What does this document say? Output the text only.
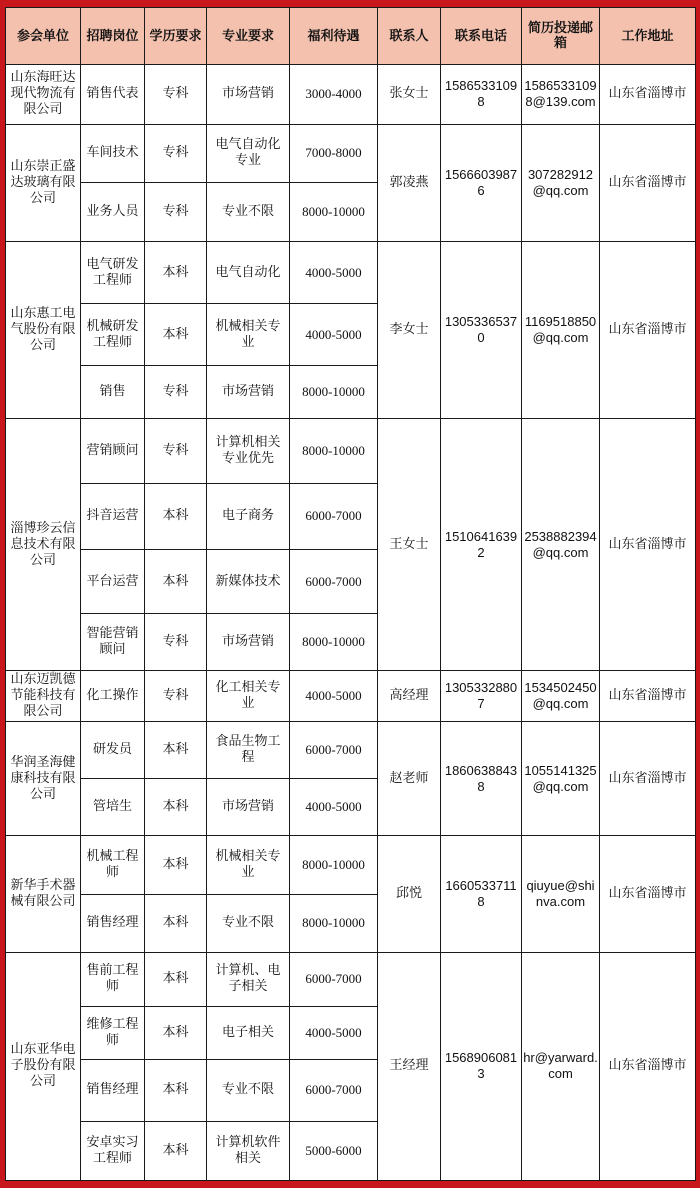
参会单位	招聘岗位	学历要求	专业要求	福利待遇	联系人	联系电话	简历投递邮箱	工作地址
山东海旺达现代物流有限公司	销售代表	专科	市场营销	3000-4000	张女士	15865331098	15865331098@139.com	山东省淄博市
山东崇正盛达玻璃有限公司	车间技术	专科	电气自动化专业	7000-8000	郭凌燕	15666039876	307282912@qq.com	山东省淄博市
	业务人员	专科	专业不限	8000-10000				
山东惠工电气股份有限公司	电气研发工程师	本科	电气自动化	4000-5000	李女士	13053365370	1169518850@qq.com	山东省淄博市
	机械研发工程师	本科	机械相关专业	4000-5000				
	销售	专科	市场营销	8000-10000				
淄博珍云信息技术有限公司	营销顾问	专科	计算机相关专业优先	8000-10000	王女士	15106416392	2538882394@qq.com	山东省淄博市
	抖音运营	本科	电子商务	6000-7000				
	平台运营	本科	新媒体技术	6000-7000				
	智能营销顾问	专科	市场营销	8000-10000				
山东迈凯德节能科技有限公司	化工操作	专科	化工相关专业	4000-5000	高经理	13053328807	1534502450@qq.com	山东省淄博市
华润圣海健康科技有限公司	研发员	本科	食品生物工程	6000-7000	赵老师	18606388438	1055141325@qq.com	山东省淄博市
	管培生	本科	市场营销	4000-5000				
新华手术器械有限公司	机械工程师	本科	机械相关专业	8000-10000	邱悦	16605337118	qiuyue@shinva.com	山东省淄博市
	销售经理	本科	专业不限	8000-10000				
山东亚华电子股份有限公司	售前工程师	本科	计算机、电子相关	6000-7000	王经理	15689060813	hr@yarward.com	山东省淄博市
	维修工程师	本科	电子相关	4000-5000				
	销售经理	本科	专业不限	6000-7000				
	安卓实习工程师	本科	计算机软件相关	5000-6000				
